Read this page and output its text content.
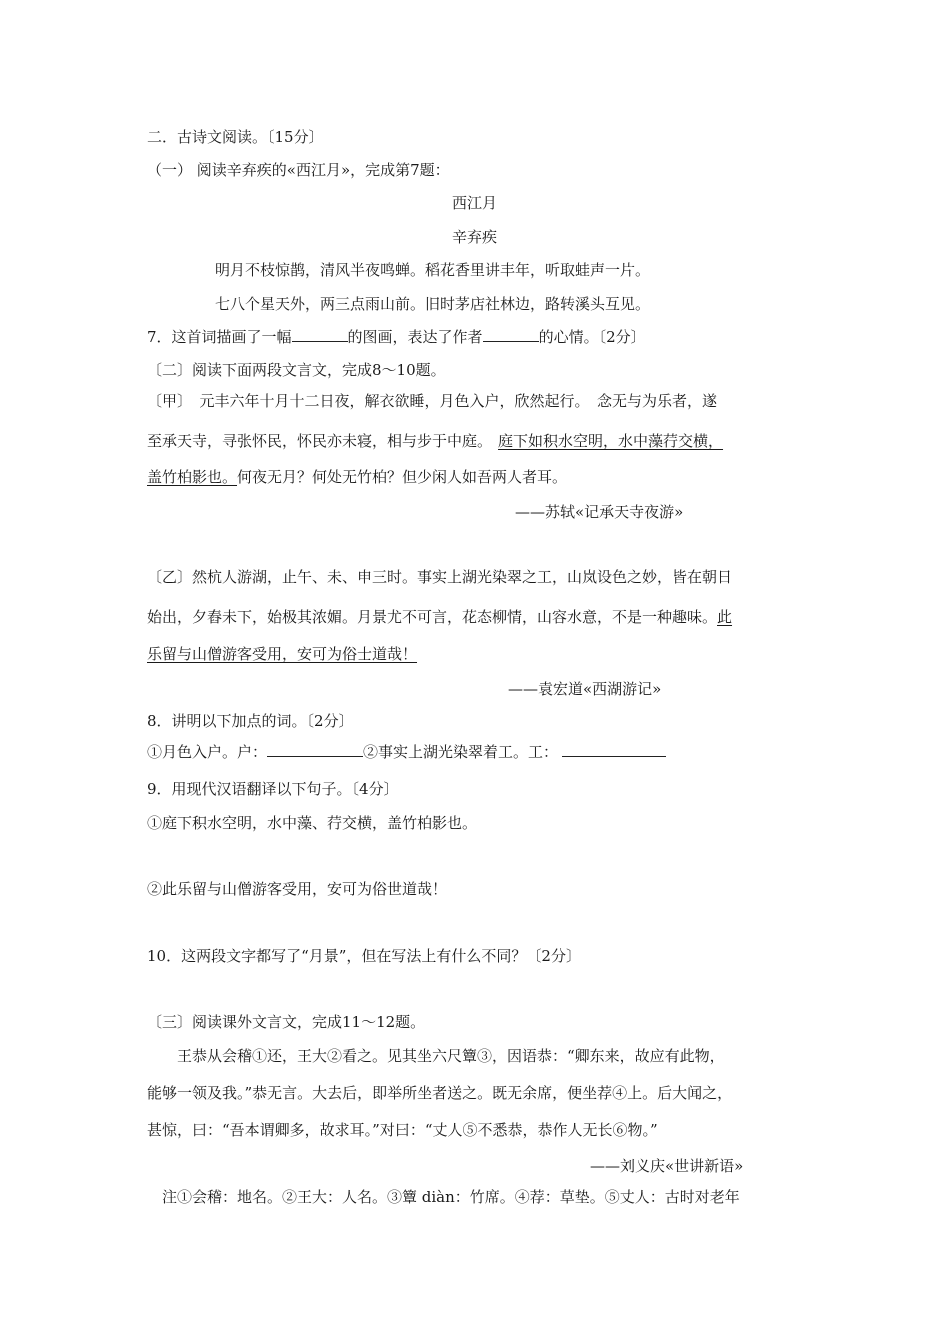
二．古诗文阅读。〔15分〕
（一） 阅读辛弃疾的«西江月»，完成第7题：
西江月
辛弃疾
明月不枝惊鹊，清风半夜鸣蝉。稻花香里讲丰年，听取蛙声一片。
七八个星天外，两三点雨山前。旧时茅店社林边，路转溪头互见。
7．这首词描画了一幅	的图画，表达了作者	的心情。〔2分〕
〔二〕阅读下面两段文言文，完成8～10题。
〔甲〕　元丰六年十月十二日夜，解衣欲睡，月色入户，欣然起行。　念无与为乐者，遂
至承天寺，寻张怀民，怀民亦未寝，相与步于中庭。 庭下如积水空明，水中藻荇交横，
盖竹柏影也。何夜无月？何处无竹柏？但少闲人如吾两人者耳。
——苏轼«记承天寺夜游»
〔乙〕然杭人游湖，止午、未、申三时。事实上湖光染翠之工，山岚设色之妙，皆在朝日
始出，夕舂未下，始极其浓媚。月景尤不可言，花态柳情，山容水意，不是一种趣味。此
乐留与山僧游客受用，安可为俗士道哉！
——袁宏道«西湖游记»
8．讲明以下加点的词。〔2分〕
①月色入户。户：	②事实上湖光染翠着工。工：
9．用现代汉语翻译以下句子。〔4分〕
①庭下积水空明，水中藻、荇交横，盖竹柏影也。
②此乐留与山僧游客受用，安可为俗世道哉！
10．这两段文字都写了“月景”，但在写法上有什么不同？〔2分〕
〔三〕阅读课外文言文，完成11～12题。
王恭从会稽①还，王大②看之。见其坐六尺簟③，因语恭：“卿东来，故应有此物，
能够一领及我。”恭无言。大去后，即举所坐者送之。既无余席，便坐荐④上。后大闻之，
甚惊，曰：“吾本谓卿多，故求耳。”对曰：“丈人⑤不悉恭，恭作人无长⑥物。”
——刘义庆«世讲新语»
注①会稽：地名。②王大：人名。③簟 diàn：竹席。④荐：草垫。⑤丈人：古时对老年
